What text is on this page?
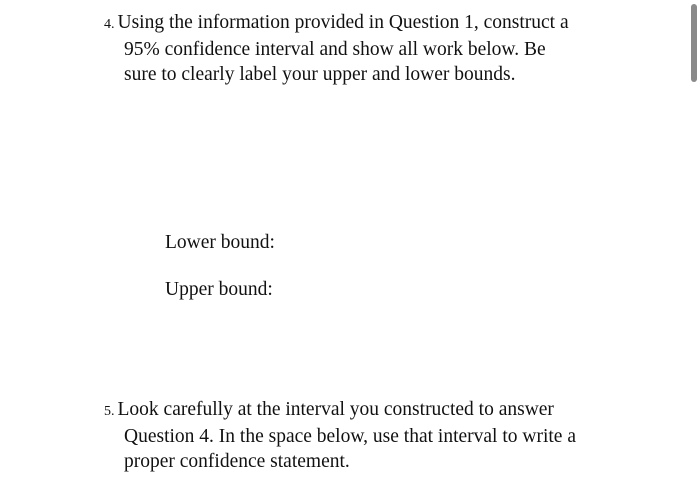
4. Using the information provided in Question 1, construct a
95% confidence interval and show all work below. Be
sure to clearly label your upper and lower bounds.
Lower bound:
Upper bound:
5. Look carefully at the interval you constructed to answer
Question 4. In the space below, use that interval to write a
proper confidence statement.
